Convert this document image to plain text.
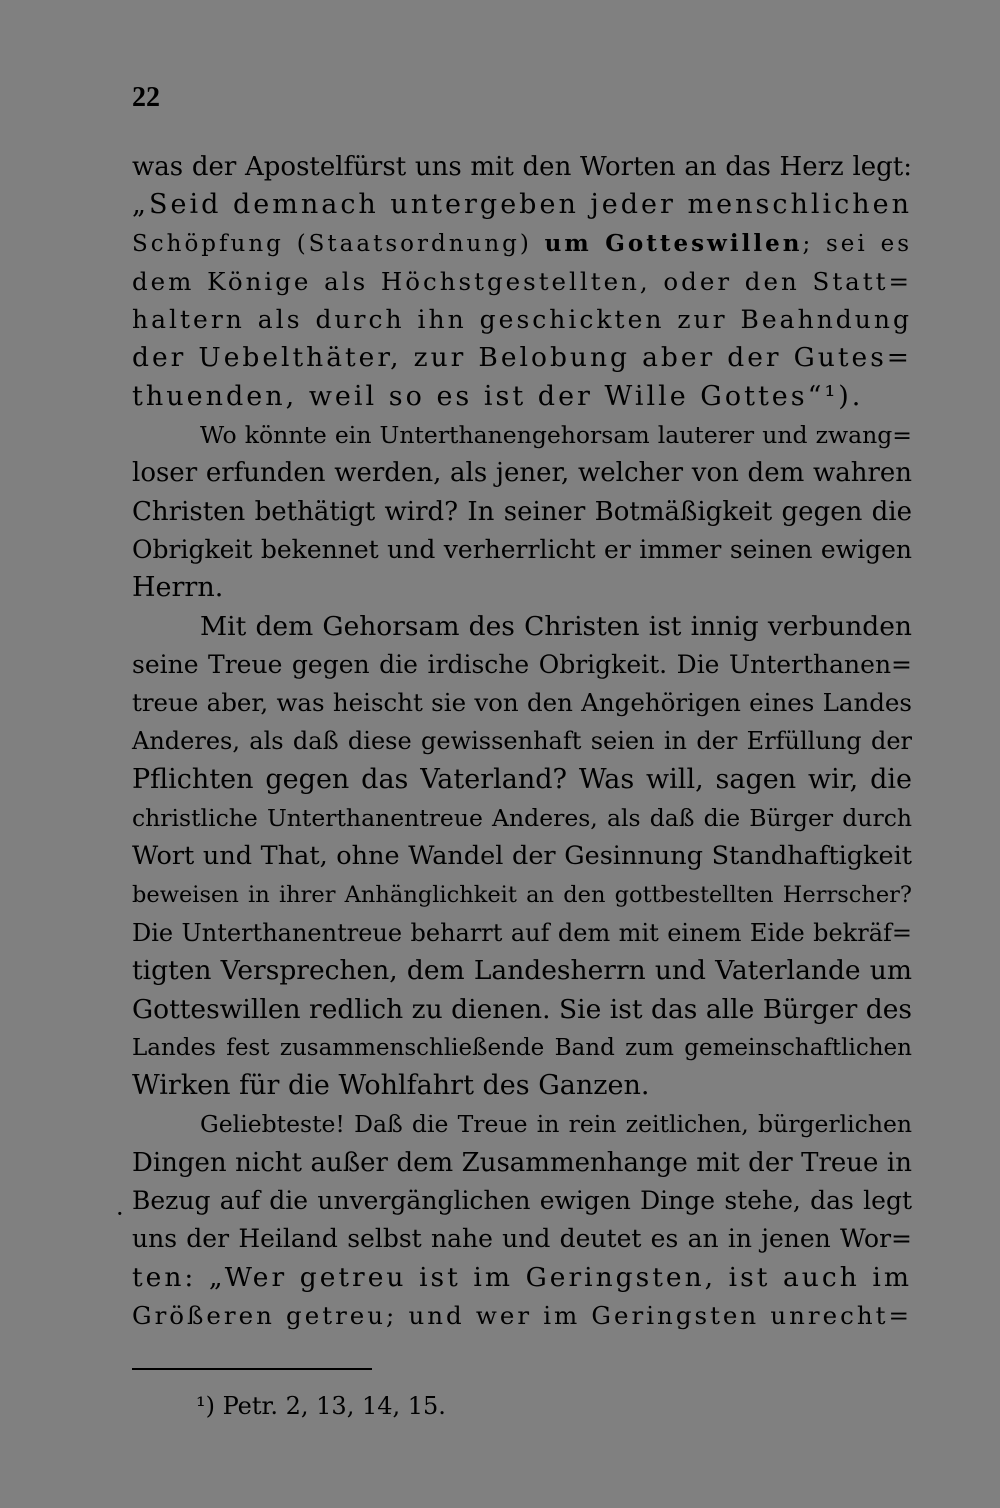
22
was der Apostelfürst uns mit den Worten an das Herz legt:
„Seid demnach untergeben jeder menschlichen
Schöpfung (Staatsordnung) um Gotteswillen; sei es
dem Könige als Höchstgestellten, oder den Statt=
haltern als durch ihn geschickten zur Beahndung
der Uebelthäter, zur Belobung aber der Gutes=
thuenden, weil so es ist der Wille Gottes“¹).
Wo könnte ein Unterthanengehorsam lauterer und zwang=
loser erfunden werden, als jener, welcher von dem wahren
Christen bethätigt wird? In seiner Botmäßigkeit gegen die
Obrigkeit bekennet und verherrlicht er immer seinen ewigen
Herrn.
Mit dem Gehorsam des Christen ist innig verbunden
seine Treue gegen die irdische Obrigkeit. Die Unterthanen=
treue aber, was heischt sie von den Angehörigen eines Landes
Anderes, als daß diese gewissenhaft seien in der Erfüllung der
Pflichten gegen das Vaterland? Was will, sagen wir, die
christliche Unterthanentreue Anderes, als daß die Bürger durch
Wort und That, ohne Wandel der Gesinnung Standhaftigkeit
beweisen in ihrer Anhänglichkeit an den gottbestellten Herrscher?
Die Unterthanentreue beharrt auf dem mit einem Eide bekräf=
tigten Versprechen, dem Landesherrn und Vaterlande um
Gotteswillen redlich zu dienen. Sie ist das alle Bürger des
Landes fest zusammenschließende Band zum gemeinschaftlichen
Wirken für die Wohlfahrt des Ganzen.
Geliebteste! Daß die Treue in rein zeitlichen, bürgerlichen
Dingen nicht außer dem Zusammenhange mit der Treue in
Bezug auf die unvergänglichen ewigen Dinge stehe, das legt
uns der Heiland selbst nahe und deutet es an in jenen Wor=
ten: „Wer getreu ist im Geringsten, ist auch im
Größeren getreu; und wer im Geringsten unrecht=
·
¹) Petr. 2, 13, 14, 15.
